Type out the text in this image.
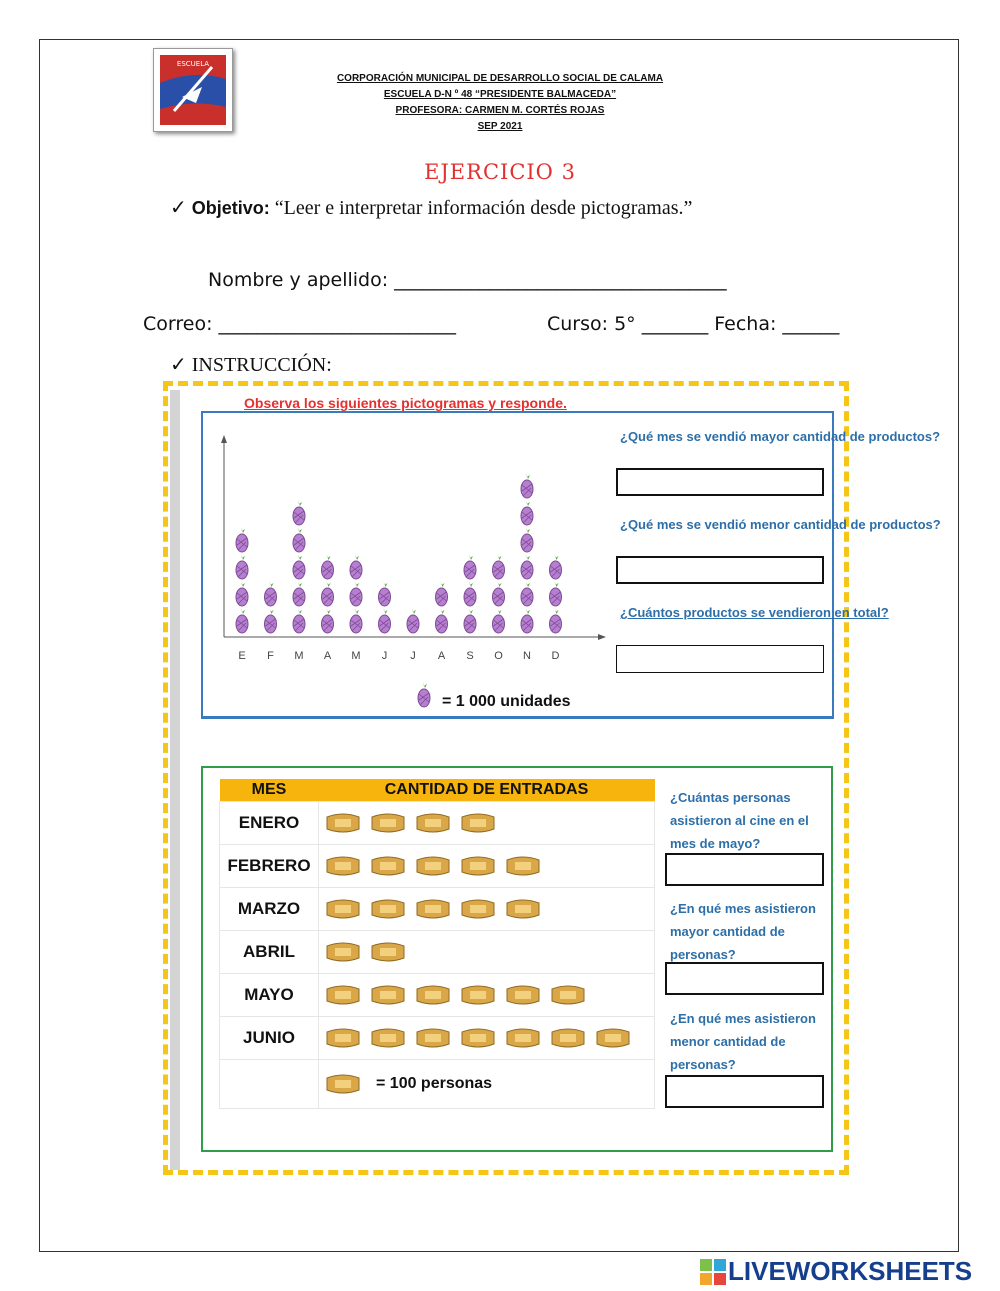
ESCUELA
CORPORACIÓN MUNICIPAL DE DESARROLLO SOCIAL DE CALAMA
ESCUELA D-N º 48 “PRESIDENTE BALMACEDA”
PROFESORA: CARMEN M. CORTÉS ROJAS
SEP 2021
EJERCICIO 3
✓ Objetivo: “Leer e interpretar información desde pictogramas.”
Nombre y apellido: ___________________________________
Correo: _________________________	Curso: 5° _______ Fecha: ______
✓ INSTRUCCIÓN:
Observa los siguientes pictogramas y responde.
E F M A M J J A S O N D
= 1 000 unidades
¿Qué mes se vendió mayor cantidad de productos?
¿Qué mes se vendió menor cantidad de productos?
¿Cuántos productos se vendieron en total?
MES	CANTIDAD DE ENTRADAS
ENERO	

FEBRERO	

MARZO	

ABRIL	

MAYO	

JUNIO	

	= 100 personas
¿Cuántas personas asistieron al cine en el mes de mayo?
¿En qué mes asistieron mayor cantidad de personas?
¿En qué mes asistieron menor cantidad de personas?
LIVEWORKSHEETS
